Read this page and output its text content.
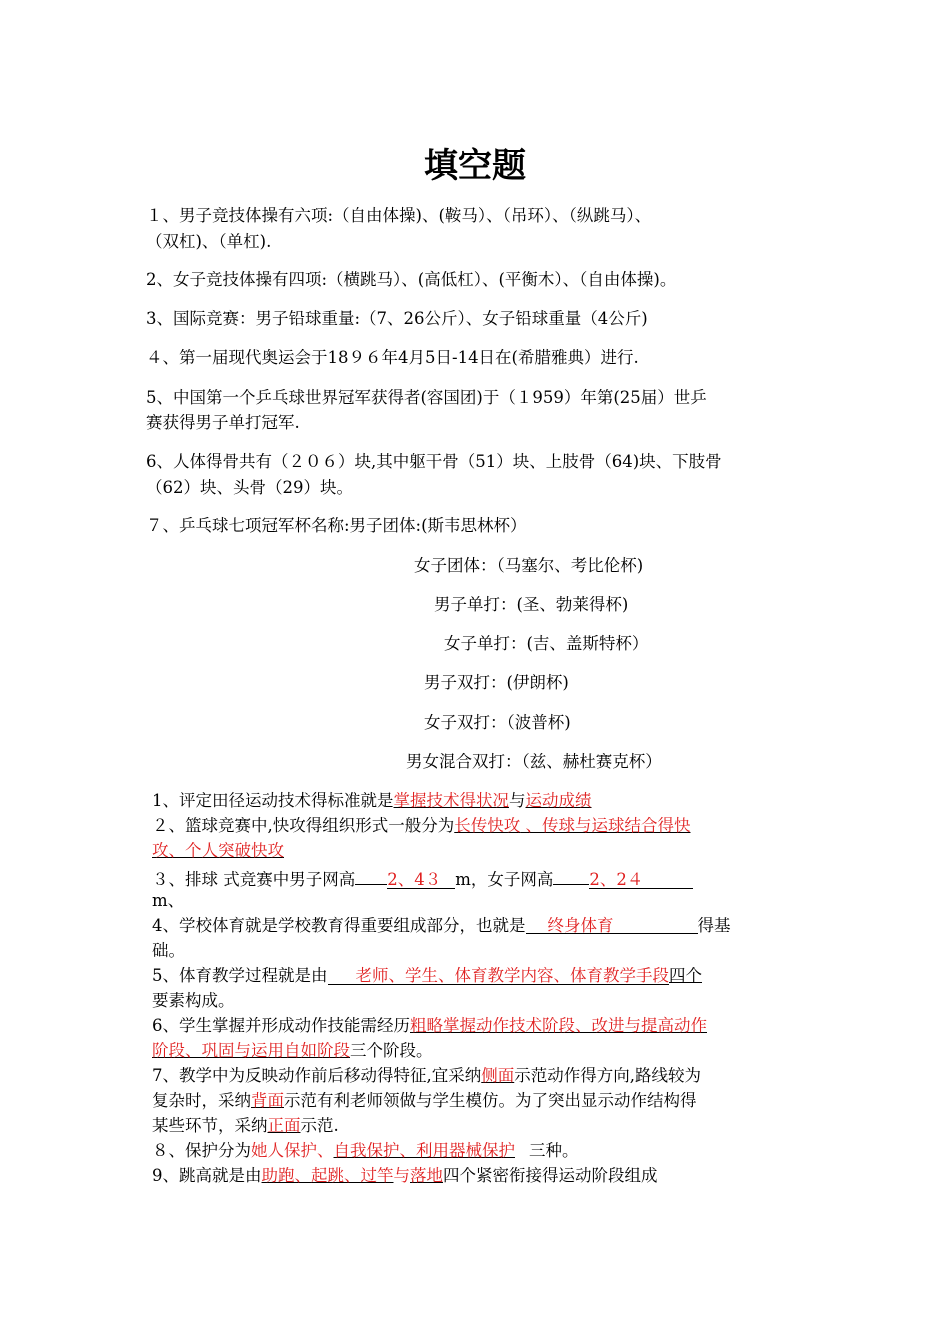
填空题
１、男子竞技体操有六项:（自由体操)、(鞍马）、（吊环）、（纵跳马）、
（双杠)、（单杠).
2、女子竞技体操有四项:（横跳马）、(高低杠）、(平衡木）、（自由体操)。
3、国际竞赛：男子铅球重量:（7、26公斤）、女子铅球重量（4公斤)
４、第一届现代奥运会于18９６年4月5日-14日在(希腊雅典）进行.
5、中国第一个乒乓球世界冠军获得者(容国团)于（１959）年第(25届）世乒
赛获得男子单打冠军.
6、人体得骨共有（２０６）块,其中躯干骨（51）块、上肢骨（64)块、下肢骨
（62）块、头骨（29）块。
７、乒乓球七项冠军杯名称:男子团体:(斯韦思林杯）
女子团体：（马塞尔、考比伦杯)
男子单打：(圣、勃莱得杯)
女子单打：(吉、盖斯特杯）
男子双打：(伊朗杯)
女子双打：（波普杯)
男女混合双打：（兹、赫杜赛克杯）
1、评定田径运动技术得标准就是掌握技术得状况与运动成绩
２、篮球竞赛中,快攻得组织形式一般分为长传快攻 、传球与运球结合得快
攻、个人突破快攻
３、排球 式竞赛中男子网高 2、4３ m，女子网高 2、2４
m、
4、学校体育就是学校教育得重要组成部分，也就是 终身体育	得基
础。
5、体育教学过程就是由 老师、学生、体育教学内容、体育教学手段四个
要素构成。
6、学生掌握并形成动作技能需经历粗略掌握动作技术阶段、改进与提高动作
阶段、巩固与运用自如阶段三个阶段。
7、教学中为反映动作前后移动得特征,宜采纳侧面示范动作得方向,路线较为
复杂时，采纳背面示范有利老师领做与学生模仿。为了突出显示动作结构得
某些环节，采纳正面示范.
８、保护分为她人保护、自我保护、利用器械保护 三种。
9、跳高就是由助跑、起跳、过竿与落地四个紧密衔接得运动阶段组成
